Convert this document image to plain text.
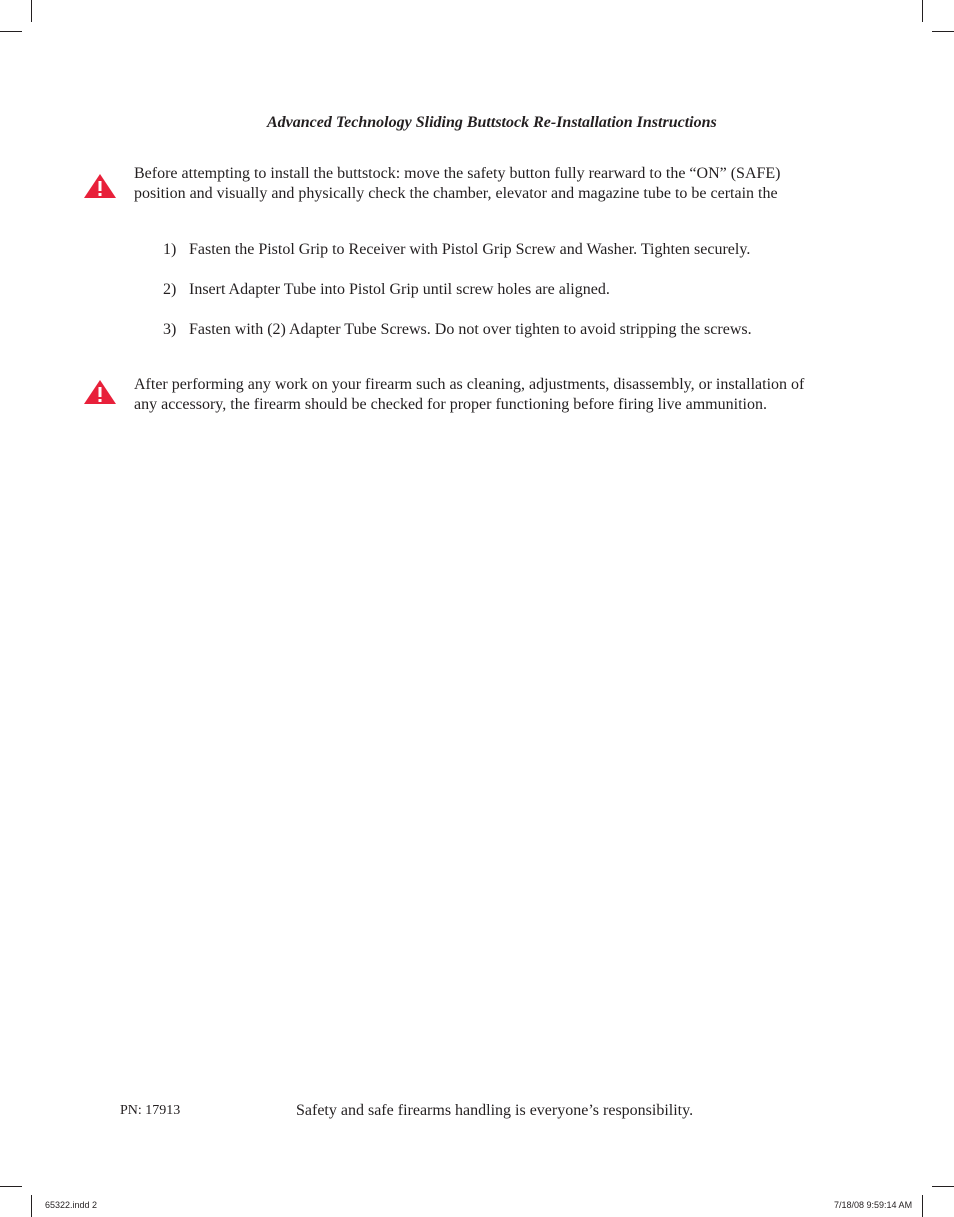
Advanced Technology Sliding Buttstock Re-Installation Instructions
Before attempting to install the buttstock: move the safety button fully rearward to the “ON” (SAFE)
position and visually and physically check the chamber, elevator and magazine tube to be certain the
1) Fasten the Pistol Grip to Receiver with Pistol Grip Screw and Washer. Tighten securely.
2) Insert Adapter Tube into Pistol Grip until screw holes are aligned.
3) Fasten with (2) Adapter Tube Screws. Do not over tighten to avoid stripping the screws.
After performing any work on your firearm such as cleaning, adjustments, disassembly, or installation of
any accessory, the firearm should be checked for proper functioning before firing live ammunition.
PN: 17913	Safety and safe firearms handling is everyone’s responsibility.
65322.indd 2	7/18/08 9:59:14 AM
